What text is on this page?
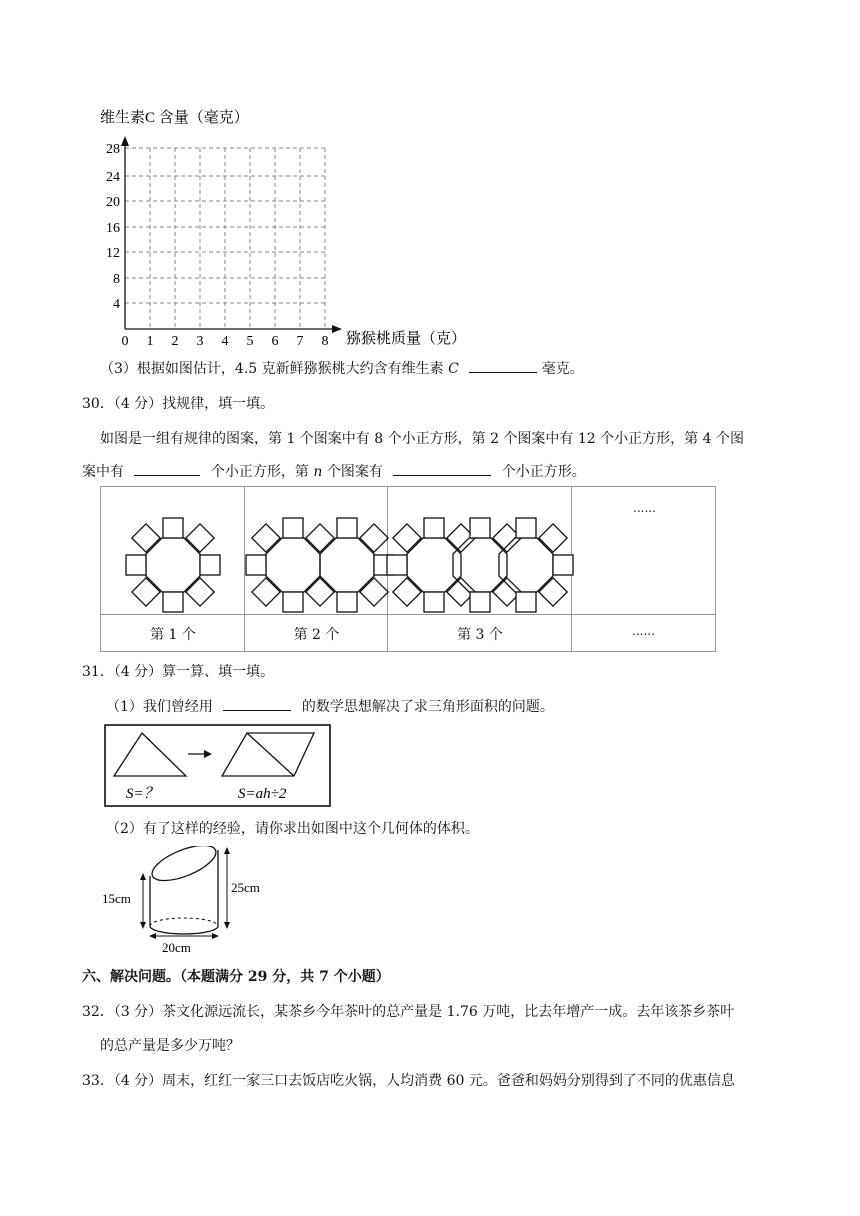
维生素C 含量（毫克）
28
24
20
16
12
8
4
0 1 2 3 4 5 6 7 8 猕猴桃质量（克）
（3）根据如图估计，4.5 克新鲜猕猴桃大约含有维生素 C	毫克。
30．（4 分）找规律，填一填。
如图是一组有规律的图案，第 1 个图案中有 8 个小正方形，第 2 个图案中有 12 个小正方形，第 4 个图
案中有	个小正方形，第 n 个图案有	个小正方形。
......
第 1 个	第 2 个	第 3 个	......
31．（4 分）算一算、填一填。
（1）我们曾经用	的数学思想解决了求三角形面积的问题。
S=？	S=ah÷2
（2）有了这样的经验，请你求出如图中这个几何体的体积。
15cm
25cm
20cm
六、解决问题。（本题满分 29 分，共 7 个小题）
32．（3 分）茶文化源远流长，某茶乡今年茶叶的总产量是 1.76 万吨，比去年增产一成。去年该茶乡茶叶
的总产量是多少万吨？
33．（4 分）周末，红红一家三口去饭店吃火锅，人均消费 60 元。爸爸和妈妈分别得到了不同的优惠信息
